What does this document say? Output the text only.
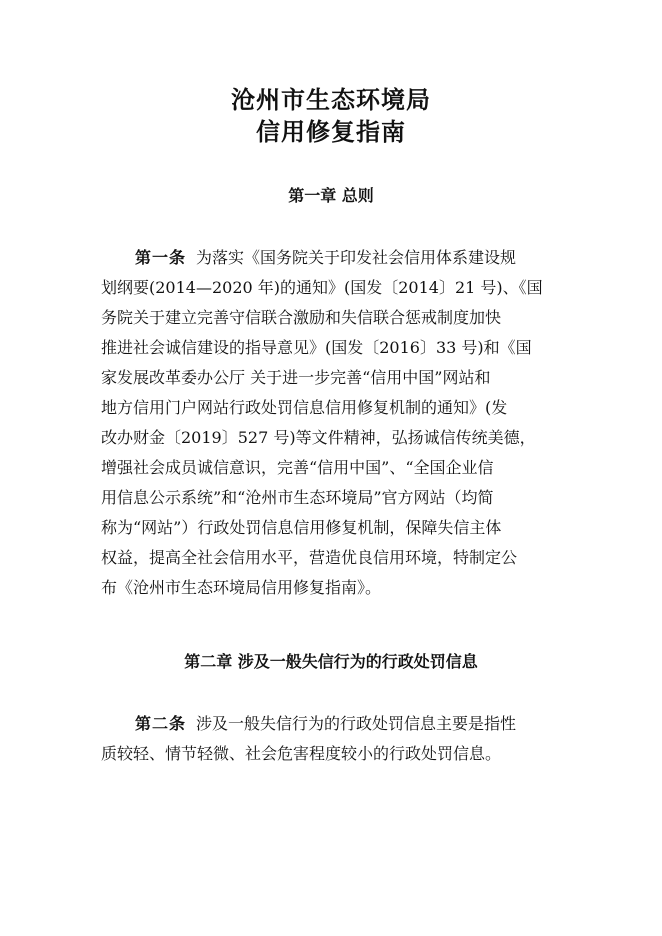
沧州市生态环境局
信用修复指南
第一章 总则
第一条 为落实《国务院关于印发社会信用体系建设规
划纲要(2014—2020 年)的通知》(国发〔2014〕21 号)、《国
务院关于建立完善守信联合激励和失信联合惩戒制度加快
推进社会诚信建设的指导意见》(国发〔2016〕33 号)和《国
家发展改革委办公厅 关于进一步完善“信用中国”网站和
地方信用门户网站行政处罚信息信用修复机制的通知》(发
改办财金〔2019〕527 号)等文件精神，弘扬诚信传统美德，
增强社会成员诚信意识，完善“信用中国”、“全国企业信
用信息公示系统”和“沧州市生态环境局”官方网站（均简
称为“网站”）行政处罚信息信用修复机制，保障失信主体
权益，提高全社会信用水平，营造优良信用环境，特制定公
布《沧州市生态环境局信用修复指南》。
第二章 涉及一般失信行为的行政处罚信息
第二条 涉及一般失信行为的行政处罚信息主要是指性
质较轻、情节轻微、社会危害程度较小的行政处罚信息。
